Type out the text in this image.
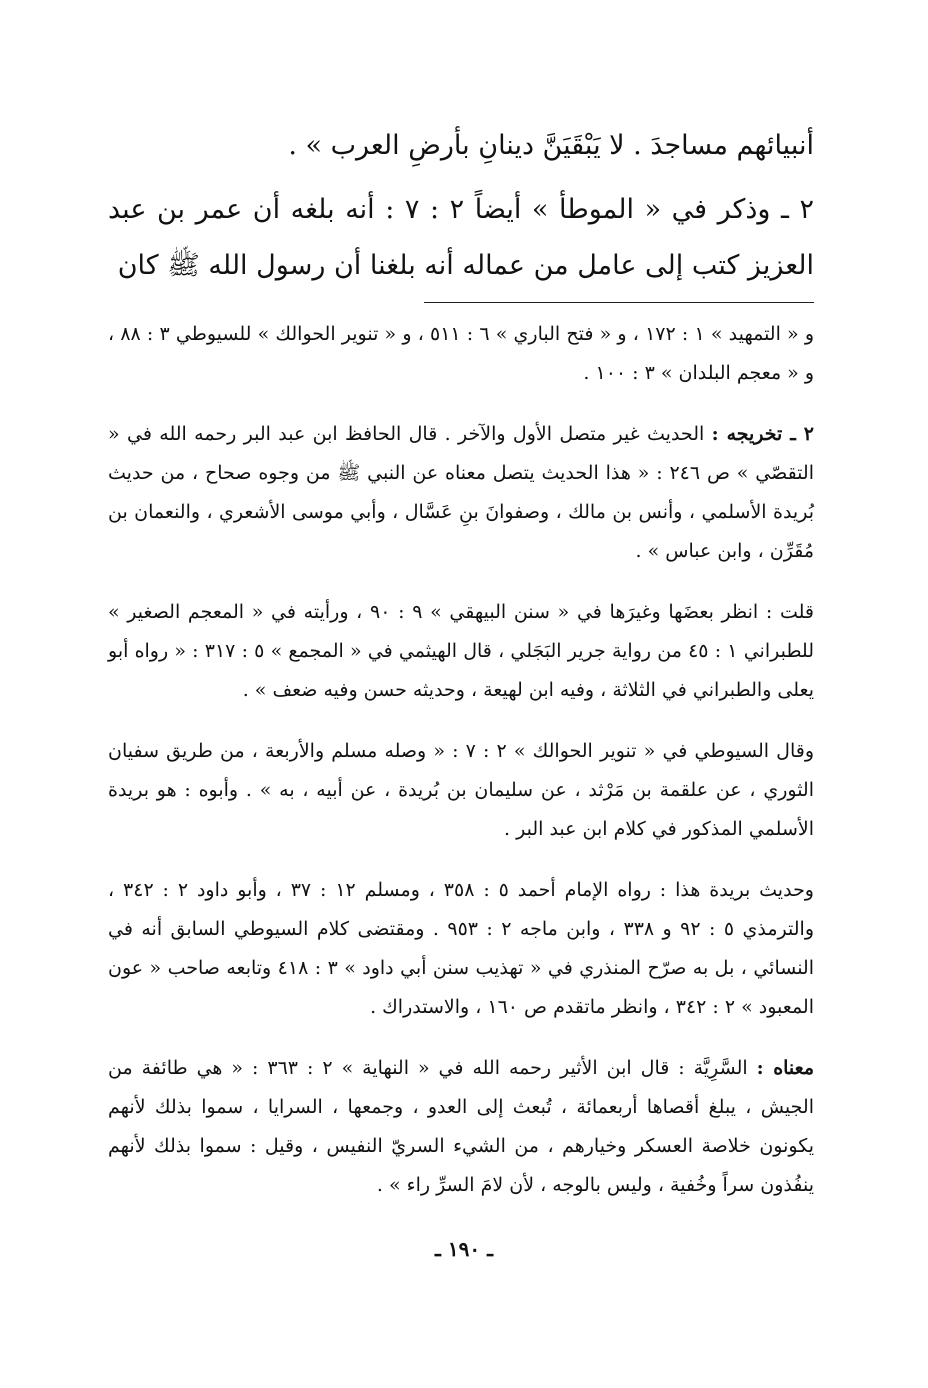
أنبيائهم مساجدَ . لا يَبْقَيَنَّ دينانِ بأرضِ العرب » .

٢ ـ وذكر في « الموطأ » أيضاً ٢ : ٧ : أنه بلغه أن عمر بن عبد العزيز كتب إلى عامل من عماله أنه بلغنا أن رسول الله ﷺ كان

و « التمهيد » ١ : ١٧٢ ، و « فتح الباري » ٦ : ٥١١ ، و « تنوير الحوالك » للسيوطي ٣ : ٨٨ ، و « معجم البلدان » ٣ : ١٠٠ .

٢ ـ تخريجه : الحديث غير متصل الأول والآخر . قال الحافظ ابن عبد البر رحمه الله في « التقصّي » ص ٢٤٦ : « هذا الحديث يتصل معناه عن النبي ﷺ من وجوه صحاح ، من حديث بُريدة الأسلمي ، وأنس بن مالك ، وصفوانَ بنِ عَسَّال ، وأبي موسى الأشعري ، والنعمان بن مُقَرِّن ، وابن عباس » .

قلت : انظر بعضَها وغيرَها في « سنن البيهقي » ٩ : ٩٠ ، ورأيته في « المعجم الصغير » للطبراني ١ : ٤٥ من رواية جرير البَجَلي ، قال الهيثمي في « المجمع » ٥ : ٣١٧ : « رواه أبو يعلى والطبراني في الثلاثة ، وفيه ابن لهيعة ، وحديثه حسن وفيه ضعف » .

وقال السيوطي في « تنوير الحوالك » ٢ : ٧ : « وصله مسلم والأربعة ، من طريق سفيان الثوري ، عن علقمة بن مَرْثد ، عن سليمان بن بُريدة ، عن أبيه ، به » . وأبوه : هو بريدة الأسلمي المذكور في كلام ابن عبد البر .

وحديث بريدة هذا : رواه الإمام أحمد ٥ : ٣٥٨ ، ومسلم ١٢ : ٣٧ ، وأبو داود ٢ : ٣٤٢ ، والترمذي ٥ : ٩٢ و ٣٣٨ ، وابن ماجه ٢ : ٩٥٣ . ومقتضى كلام السيوطي السابق أنه في النسائي ، بل به صرّح المنذري في « تهذيب سنن أبي داود » ٣ : ٤١٨ وتابعه صاحب « عون المعبود » ٢ : ٣٤٢ ، وانظر ماتقدم ص ١٦٠ ، والاستدراك .

معناه : السَّرِيَّة : قال ابن الأثير رحمه الله في « النهاية » ٢ : ٣٦٣ : « هي طائفة من الجيش ، يبلغ أقصاها أربعمائة ، تُبعث إلى العدو ، وجمعها ، السرايا ، سموا بذلك لأنهم يكونون خلاصة العسكر وخيارهم ، من الشيء السريّ النفيس ، وقيل : سموا بذلك لأنهم ينفُذون سراً وخُفية ، وليس بالوجه ، لأن لامَ السرِّ راء » .

ـ ١٩٠ ـ
